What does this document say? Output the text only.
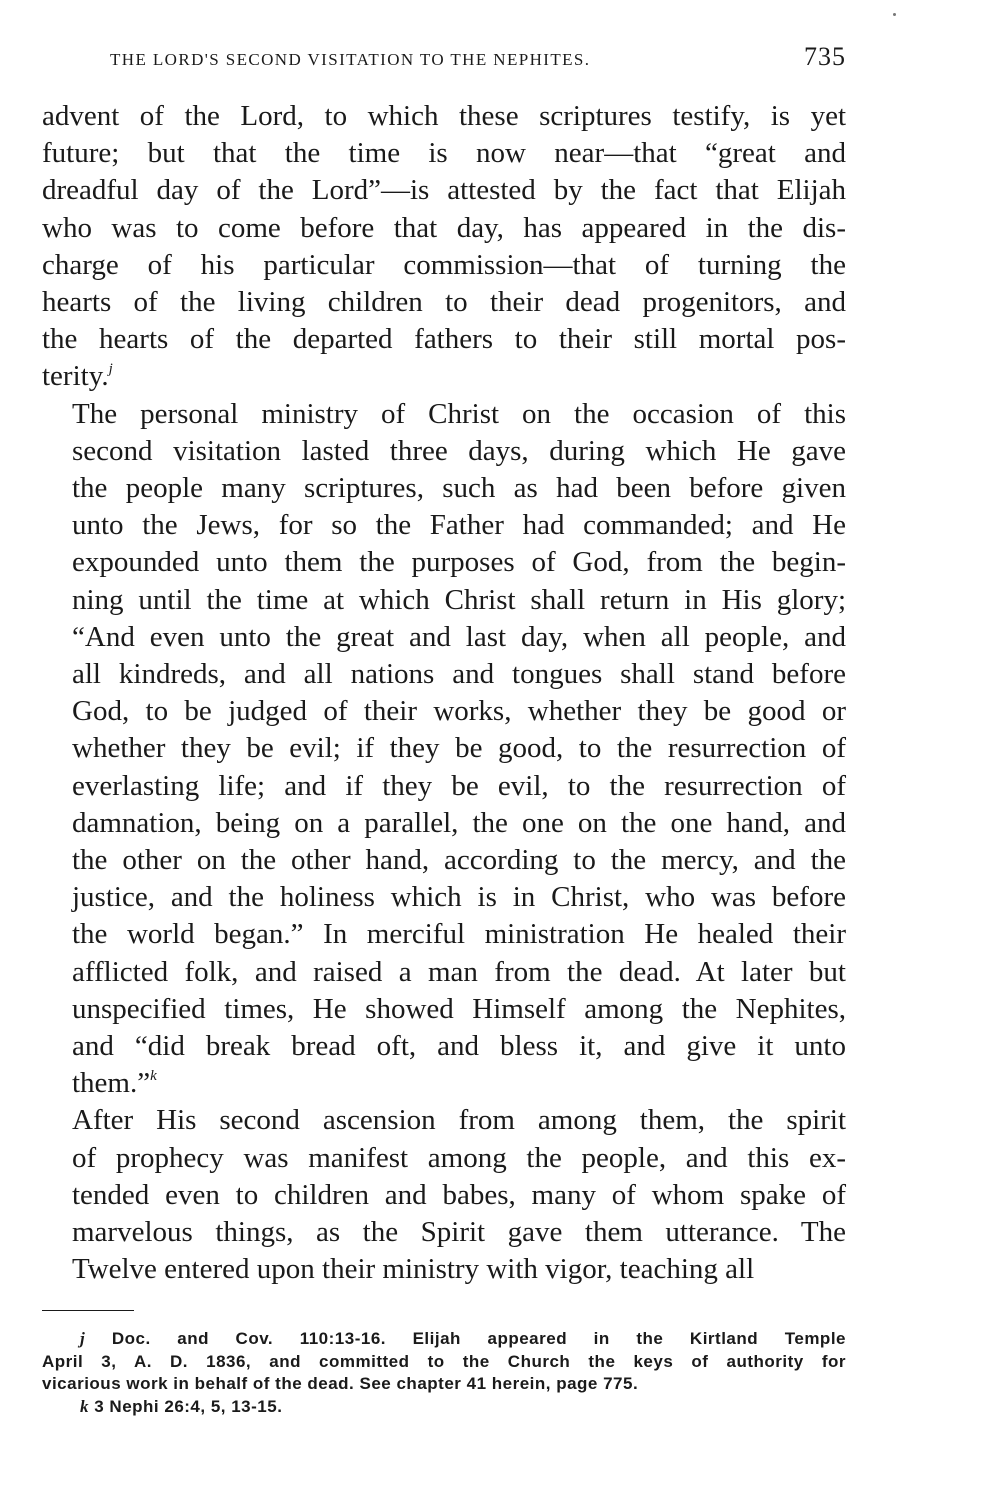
THE LORD'S SECOND VISITATION TO THE NEPHITES.	735
advent of the Lord, to which these scriptures testify, is yet
future; but that the time is now near—that “great and
dreadful day of the Lord”—is attested by the fact that Elijah
who was to come before that day, has appeared in the dis-
charge of his particular commission—that of turning the
hearts of the living children to their dead progenitors, and
the hearts of the departed fathers to their still mortal pos-
terity.$^j$
The personal ministry of Christ on the occasion of this
second visitation lasted three days, during which He gave
the people many scriptures, such as had been before given
unto the Jews, for so the Father had commanded; and He
expounded unto them the purposes of God, from the begin-
ning until the time at which Christ shall return in His glory;
“And even unto the great and last day, when all people, and
all kindreds, and all nations and tongues shall stand before
God, to be judged of their works, whether they be good or
whether they be evil; if they be good, to the resurrection of
everlasting life; and if they be evil, to the resurrection of
damnation, being on a parallel, the one on the one hand, and
the other on the other hand, according to the mercy, and the
justice, and the holiness which is in Christ, who was before
the world began.” In merciful ministration He healed their
afflicted folk, and raised a man from the dead. At later but
unspecified times, He showed Himself among the Nephites,
and “did break bread oft, and bless it, and give it unto
them.”$^k$
After His second ascension from among them, the spirit
of prophecy was manifest among the people, and this ex-
tended even to children and babes, many of whom spake of
marvelous things, as the Spirit gave them utterance. The
Twelve entered upon their ministry with vigor, teaching all
j Doc. and Cov. 110:13-16. Elijah appeared in the Kirtland Temple
April 3, A. D. 1836, and committed to the Church the keys of authority for
vicarious work in behalf of the dead. See chapter 41 herein, page 775.
k 3 Nephi 26:4, 5, 13-15.
